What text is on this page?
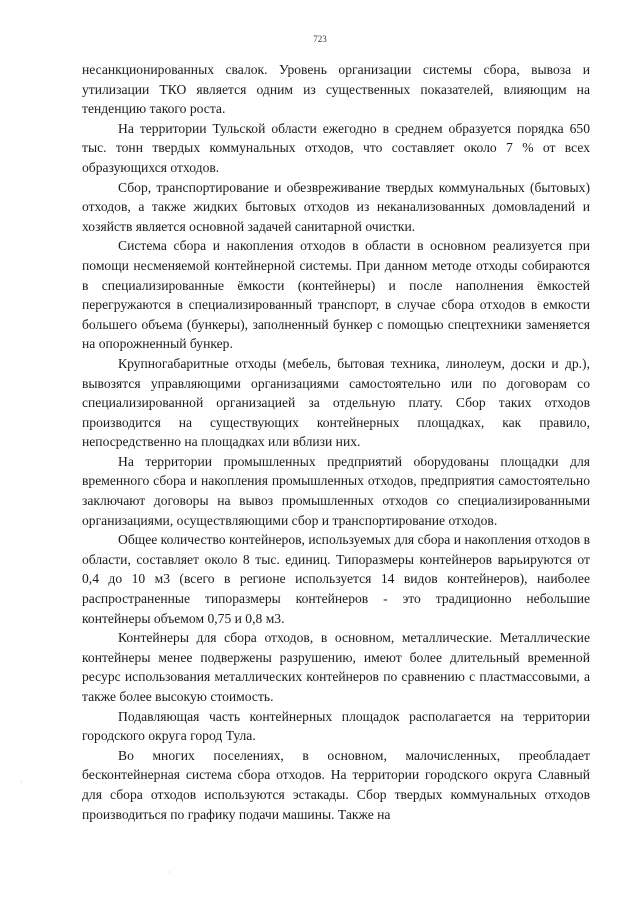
723

несанкционированных свалок. Уровень организации системы сбора, вывоза и утилизации ТКО является одним из существенных показателей, влияющим на тенденцию такого роста.

На территории Тульской области ежегодно в среднем образуется порядка 650 тыс. тонн твердых коммунальных отходов, что составляет около 7 % от всех образующихся отходов.

Сбор, транспортирование и обезвреживание твердых коммунальных (бытовых) отходов, а также жидких бытовых отходов из неканализованных домовладений и хозяйств является основной задачей санитарной очистки.

Система сбора и накопления отходов в области в основном реализуется при помощи несменяемой контейнерной системы. При данном методе отходы собираются в специализированные ёмкости (контейнеры) и после наполнения ёмкостей перегружаются в специализированный транспорт, в случае сбора отходов в емкости большего объема (бункеры), заполненный бункер с помощью спецтехники заменяется на опорожненный бункер.

Крупногабаритные отходы (мебель, бытовая техника, линолеум, доски и др.), вывозятся управляющими организациями самостоятельно или по договорам со специализированной организацией за отдельную плату. Сбор таких отходов производится на существующих контейнерных площадках, как правило, непосредственно на площадках или вблизи них.

На территории промышленных предприятий оборудованы площадки для временного сбора и накопления промышленных отходов, предприятия самостоятельно заключают договоры на вывоз промышленных отходов со специализированными организациями, осуществляющими сбор и транспортирование отходов.

Общее количество контейнеров, используемых для сбора и накопления отходов в области, составляет около 8 тыс. единиц. Типоразмеры контейнеров варьируются от 0,4 до 10 м3 (всего в регионе используется 14 видов контейнеров), наиболее распространенные типоразмеры контейнеров - это традиционно небольшие контейнеры объемом 0,75 и 0,8 м3.

Контейнеры для сбора отходов, в основном, металлические. Металлические контейнеры менее подвержены разрушению, имеют более длительный временной ресурс использования металлических контейнеров по сравнению с пластмассовыми, а также более высокую стоимость.

Подавляющая часть контейнерных площадок располагается на территории городского округа город Тула.

Во многих поселениях, в основном, малочисленных, преобладает бесконтейнерная система сбора отходов. На территории городского округа Славный для сбора отходов используются эстакады. Сбор твердых коммунальных отходов производиться по графику подачи машины. Также на

·
·
